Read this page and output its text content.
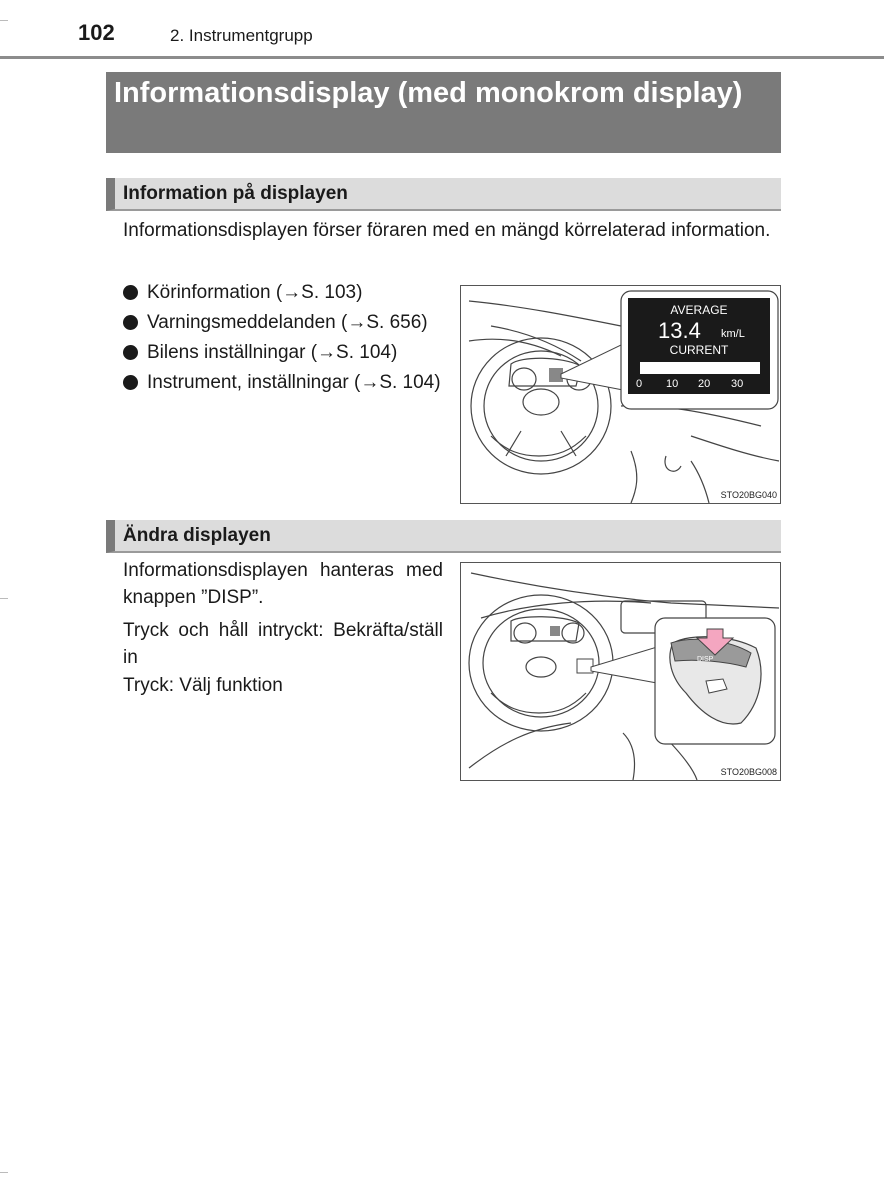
102	2. Instrumentgrupp
Informationsdisplay (med monokrom display)
Information på displayen
Informationsdisplayen förser föraren med en mängd körrelaterad information.
Körinformation (→S. 103)
Varningsmeddelanden (→S. 656)
Bilens inställningar (→S. 104)
Instrument, inställningar (→S. 104)
AVERAGE
13.4 km/L
CURRENT
0 10 20 30
STO20BG040
Ändra displayen
Informationsdisplayen hanteras med knappen ”DISP”.
Tryck och håll intryckt: Bekräfta/ställ in
Tryck: Välj funktion
DISP
STO20BG008
